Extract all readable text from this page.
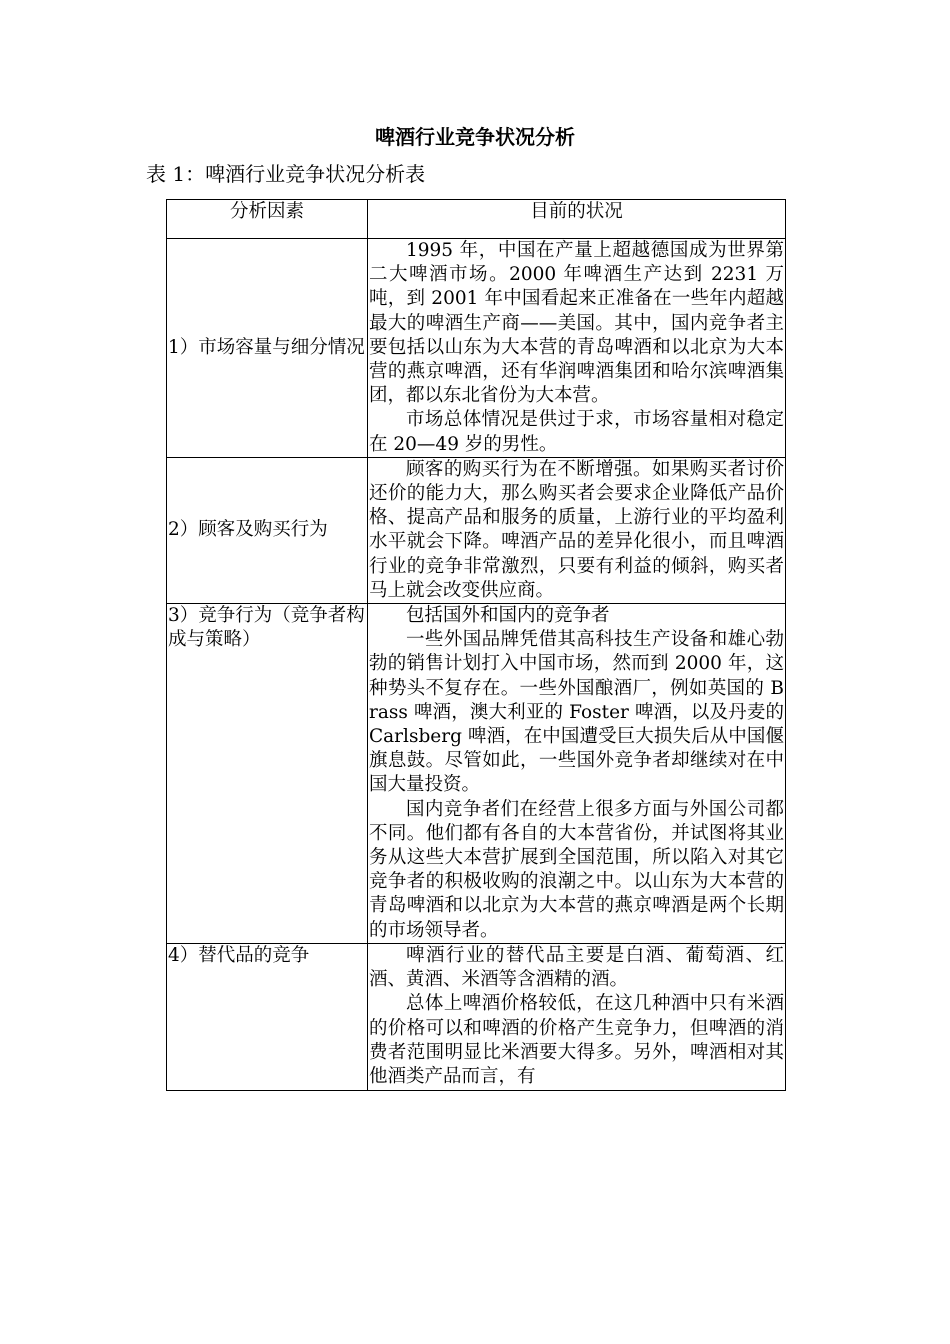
啤酒行业竞争状况分析
表 1：啤酒行业竞争状况分析表
分析因素	目前的状况
1）市场容量与细分情况	1995 年，中国在产量上超越德国成为世界第二大啤酒市场。2000 年啤酒生产达到 2231 万吨，到 2001 年中国看起来正准备在一些年内超越最大的啤酒生产商——美国。其中，国内竞争者主要包括以山东为大本营的青岛啤酒和以北京为大本营的燕京啤酒，还有华润啤酒集团和哈尔滨啤酒集团，都以东北省份为大本营。

市场总体情况是供过于求，市场容量相对稳定在 20—49 岁的男性。

2）顾客及购买行为	顾客的购买行为在不断增强。如果购买者讨价还价的能力大，那么购买者会要求企业降低产品价格、提高产品和服务的质量，上游行业的平均盈利水平就会下降。啤酒产品的差异化很小，而且啤酒行业的竞争非常激烈，只要有利益的倾斜，购买者马上就会改变供应商。

3）竞争行为（竞争者构成与策略）	包括国外和国内的竞争者

一些外国品牌凭借其高科技生产设备和雄心勃勃的销售计划打入中国市场，然而到 2000 年，这种势头不复存在。一些外国酿酒厂，例如英国的 Brass 啤酒，澳大利亚的 Foster 啤酒，以及丹麦的 Carlsberg 啤酒，在中国遭受巨大损失后从中国偃旗息鼓。尽管如此，一些国外竞争者却继续对在中国大量投资。

国内竞争者们在经营上很多方面与外国公司都不同。他们都有各自的大本营省份，并试图将其业务从这些大本营扩展到全国范围，所以陷入对其它竞争者的积极收购的浪潮之中。以山东为大本营的青岛啤酒和以北京为大本营的燕京啤酒是两个长期的市场领导者。

4）替代品的竞争	啤酒行业的替代品主要是白酒、葡萄酒、红酒、黄酒、米酒等含酒精的酒。

总体上啤酒价格较低，在这几种酒中只有米酒的价格可以和啤酒的价格产生竞争力，但啤酒的消费者范围明显比米酒要大得多。另外，啤酒相对其他酒类产品而言，有
